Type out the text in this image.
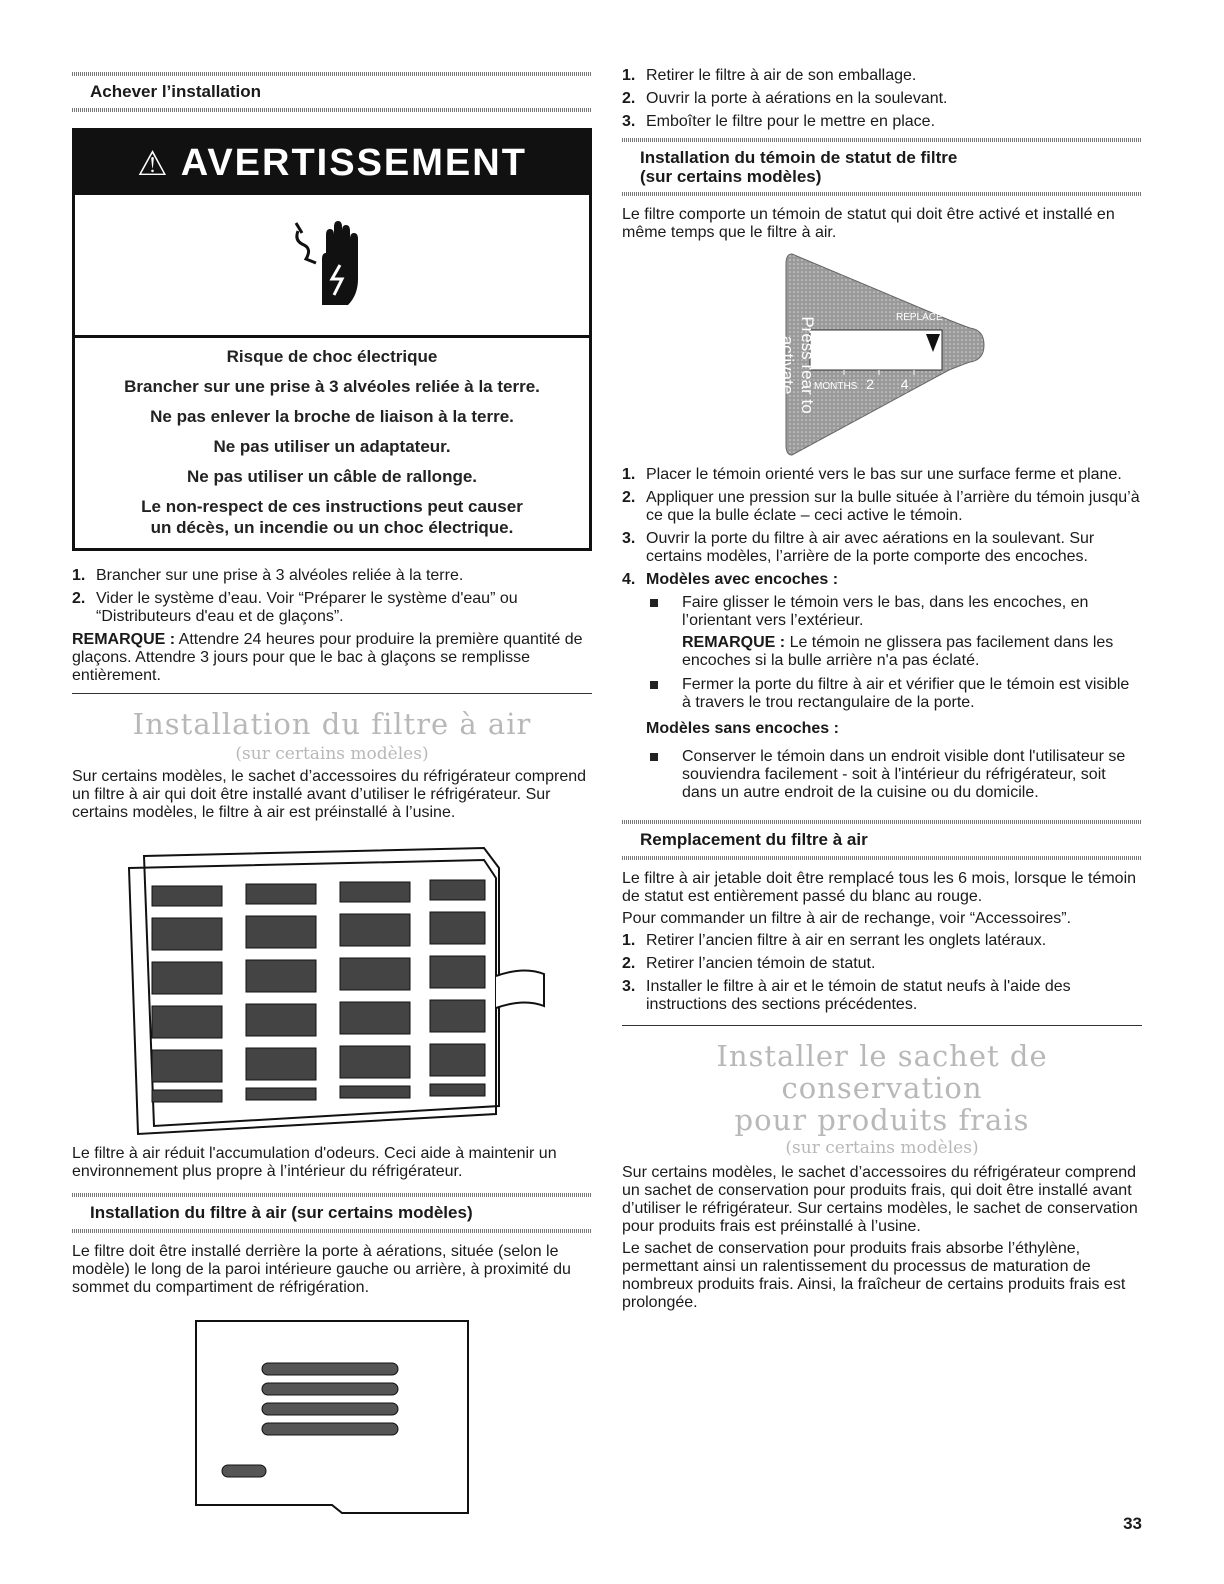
Achever l’installation
⚠ AVERTISSEMENT
Risque de choc électrique
Brancher sur une prise à 3 alvéoles reliée à la terre.
Ne pas enlever la broche de liaison à la terre.
Ne pas utiliser un adaptateur.
Ne pas utiliser un câble de rallonge.
Le non-respect de ces instructions peut causer un décès, un incendie ou un choc électrique.
1. Brancher sur une prise à 3 alvéoles reliée à la terre.
2. Vider le système d’eau. Voir “Préparer le système d'eau” ou “Distributeurs d'eau et de glaçons”.

REMARQUE : Attendre 24 heures pour produire la première quantité de glaçons. Attendre 3 jours pour que le bac à glaçons se remplisse entièrement.

Installation du filtre à air
(sur certains modèles)

Sur certains modèles, le sachet d’accessoires du réfrigérateur comprend un filtre à air qui doit être installé avant d’utiliser le réfrigérateur. Sur certains modèles, le filtre à air est préinstallé à l’usine.

Le filtre à air réduit l'accumulation d'odeurs. Ceci aide à maintenir un environnement plus propre à l’intérieur du réfrigérateur.

Installation du filtre à air (sur certains modèles)

Le filtre doit être installé derrière la porte à aérations, située (selon le modèle) le long de la paroi intérieure gauche ou arrière, à proximité du sommet du compartiment de réfrigération.

1. Retirer le filtre à air de son emballage.
2. Ouvrir la porte à aérations en la soulevant.
3. Emboîter le filtre pour le mettre en place.
Installation du témoin de statut de filtre
(sur certains modèles)

Le filtre comporte un témoin de statut qui doit être activé et installé en même temps que le filtre à air.

Press rear to activate
REPLACE
MONTHS 2 4 6
1. Placer le témoin orienté vers le bas sur une surface ferme et plane.
2. Appliquer une pression sur la bulle située à l’arrière du témoin jusqu’à ce que la bulle éclate – ceci active le témoin.
3. Ouvrir la porte du filtre à air avec aérations en la soulevant. Sur certains modèles, l’arrière de la porte comporte des encoches.
4. Modèles avec encoches :
Faire glisser le témoin vers le bas, dans les encoches, en l’orientant vers l’extérieur.

REMARQUE : Le témoin ne glissera pas facilement dans les encoches si la bulle arrière n'a pas éclaté.

Fermer la porte du filtre à air et vérifier que le témoin est visible à travers le trou rectangulaire de la porte.

Modèles sans encoches :

Conserver le témoin dans un endroit visible dont l'utilisateur se souviendra facilement - soit à l'intérieur du réfrigérateur, soit dans un autre endroit de la cuisine ou du domicile.
Remplacement du filtre à air

Le filtre à air jetable doit être remplacé tous les 6 mois, lorsque le témoin de statut est entièrement passé du blanc au rouge.

Pour commander un filtre à air de rechange, voir “Accessoires”.

1. Retirer l’ancien filtre à air en serrant les onglets latéraux.
2. Retirer l’ancien témoin de statut.
3. Installer le filtre à air et le témoin de statut neufs à l'aide des instructions des sections précédentes.
Installer le sachet de conservation
pour produits frais
(sur certains modèles)

Sur certains modèles, le sachet d’accessoires du réfrigérateur comprend un sachet de conservation pour produits frais, qui doit être installé avant d’utiliser le réfrigérateur. Sur certains modèles, le sachet de conservation pour produits frais est préinstallé à l’usine.

Le sachet de conservation pour produits frais absorbe l’éthylène, permettant ainsi un ralentissement du processus de maturation de nombreux produits frais. Ainsi, la fraîcheur de certains produits frais est prolongée.

33
